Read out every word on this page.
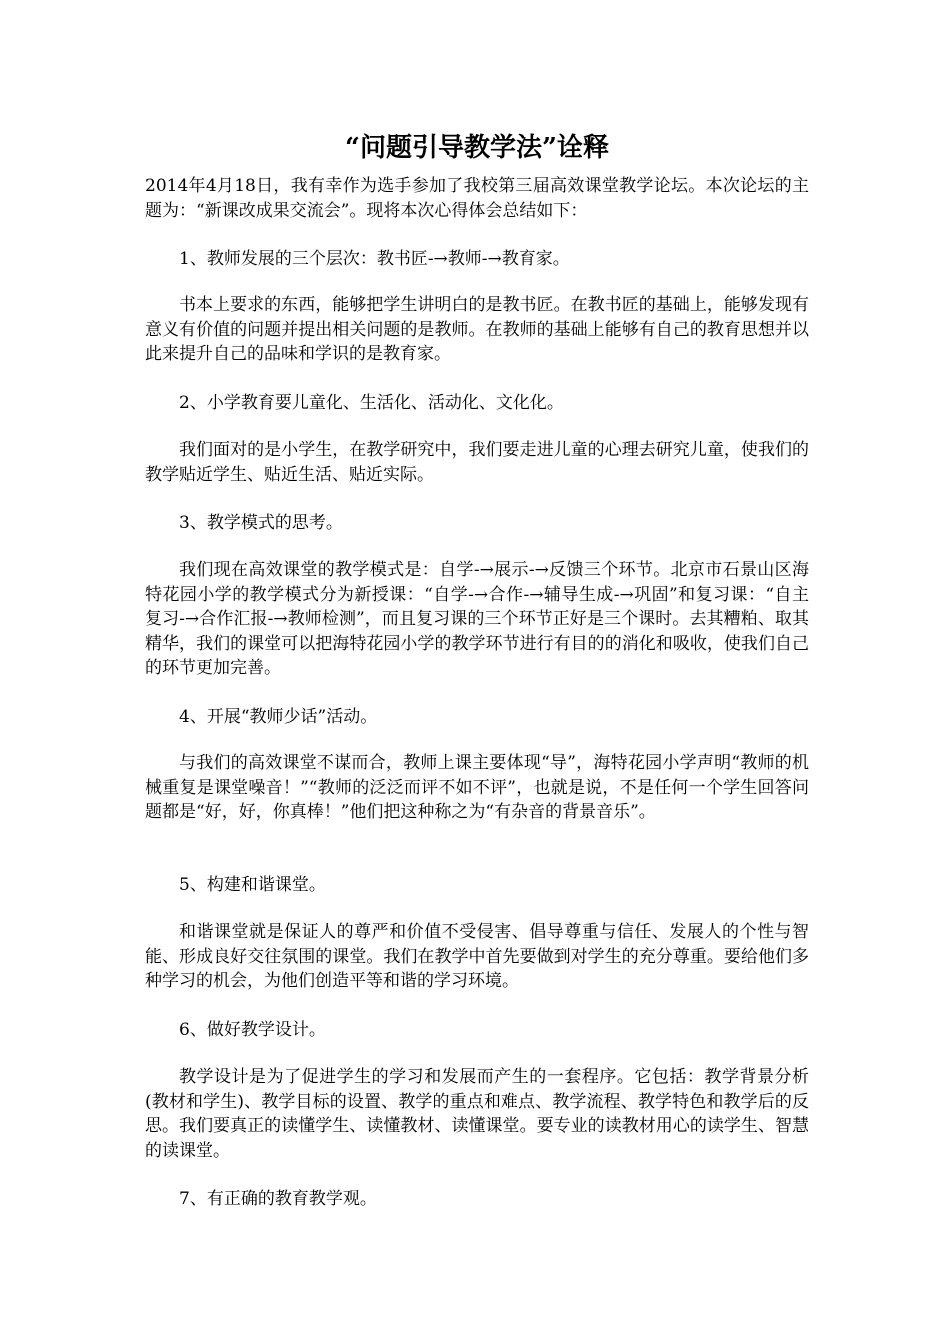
“问题引导教学法”诠释

2014年4月18日，我有幸作为选手参加了我校第三届高效课堂教学论坛。本次论坛的主题为：“新课改成果交流会”。现将本次心得体会总结如下：

1、教师发展的三个层次：教书匠-→教师-→教育家。

书本上要求的东西，能够把学生讲明白的是教书匠。在教书匠的基础上，能够发现有意义有价值的问题并提出相关问题的是教师。在教师的基础上能够有自己的教育思想并以此来提升自己的品味和学识的是教育家。

2、小学教育要儿童化、生活化、活动化、文化化。

我们面对的是小学生，在教学研究中，我们要走进儿童的心理去研究儿童，使我们的教学贴近学生、贴近生活、贴近实际。

3、教学模式的思考。

我们现在高效课堂的教学模式是：自学-→展示-→反馈三个环节。北京市石景山区海特花园小学的教学模式分为新授课：“自学-→合作-→辅导生成-→巩固”和复习课：“自主复习-→合作汇报-→教师检测”，而且复习课的三个环节正好是三个课时。去其糟粕、取其精华，我们的课堂可以把海特花园小学的教学环节进行有目的的消化和吸收，使我们自己的环节更加完善。

4、开展“教师少话”活动。

与我们的高效课堂不谋而合，教师上课主要体现“导”，海特花园小学声明“教师的机械重复是课堂噪音！”“教师的泛泛而评不如不评”，也就是说，不是任何一个学生回答问题都是“好，好，你真棒！”他们把这种称之为“有杂音的背景音乐”。

5、构建和谐课堂。

和谐课堂就是保证人的尊严和价值不受侵害、倡导尊重与信任、发展人的个性与智能、形成良好交往氛围的课堂。我们在教学中首先要做到对学生的充分尊重。要给他们多种学习的机会，为他们创造平等和谐的学习环境。

6、做好教学设计。

教学设计是为了促进学生的学习和发展而产生的一套程序。它包括：教学背景分析(教材和学生)、教学目标的设置、教学的重点和难点、教学流程、教学特色和教学后的反思。我们要真正的读懂学生、读懂教材、读懂课堂。要专业的读教材用心的读学生、智慧的读课堂。

7、有正确的教育教学观。
